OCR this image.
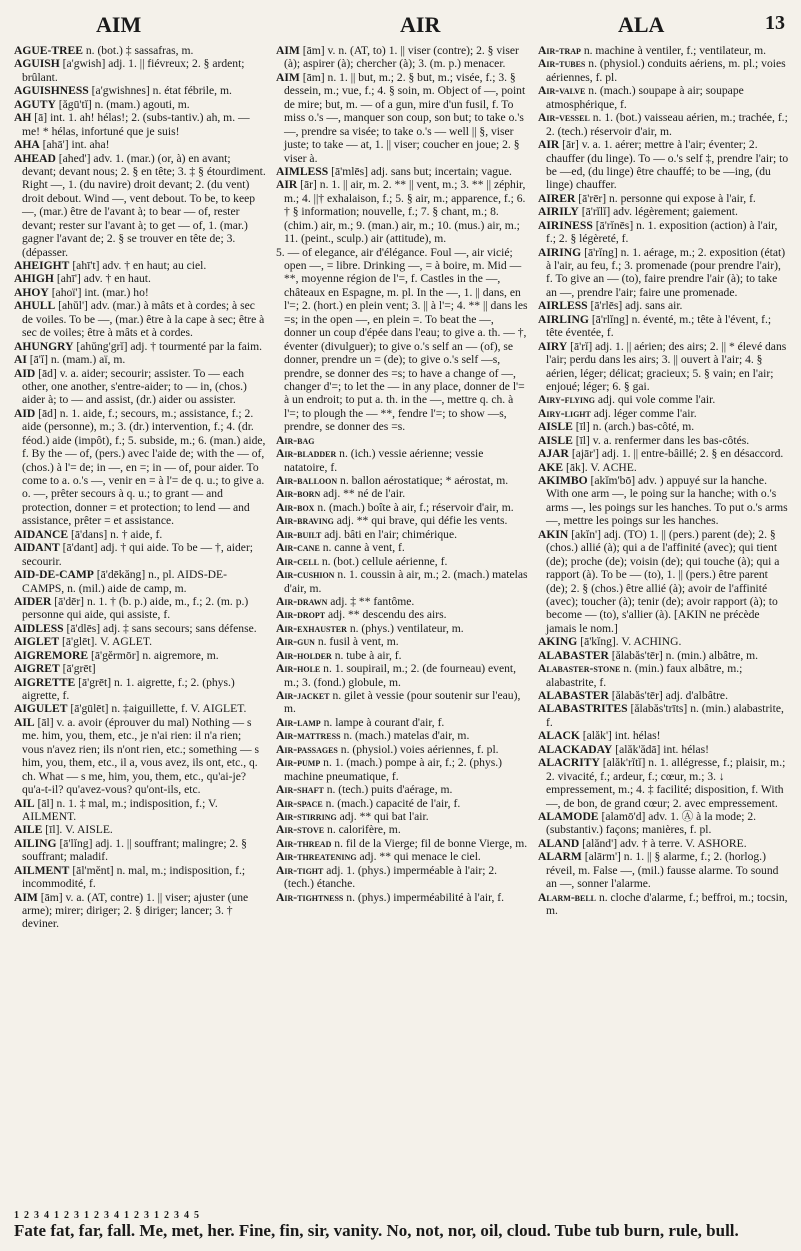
AIM	AIR	ALA	13

AGUE-TREE n. (bot.) ‡ sassafras, m.

AGUISH [a'gwish] adj. 1. || fiévreux; 2. § ardent; brûlant.

AGUISHNESS [a'gwishnes] n. état fébrile, m.

AGUTY [ăgū'tĭ] n. (mam.) agouti, m.

AH [ā] int. 1. ah! hélas!; 2. (subs-tantiv.) ah, m. — me! * hélas, infortuné que je suis!

AHA [ahā'] int. aha!

AHEAD [ahed'] adv. 1. (mar.) (or, à) en avant; devant; devant nous; 2. § en tête; 3. ‡ § étourdiment. Right —, 1. (du navire) droit devant; 2. (du vent) droit debout. Wind —, vent debout. To be, to keep —, (mar.) être de l'avant à; to bear — of, rester devant; rester sur l'avant à; to get — of, 1. (mar.) gagner l'avant de; 2. § se trouver en tête de; 3. (dépasser.

AHEIGHT [ahī't] adv. † en haut; au ciel.

AHIGH [ahī'] adv. † en haut.

AHOY [ahoï'] int. (mar.) ho!

AHULL [ahŭl'] adv. (mar.) à mâts et à cordes; à sec de voiles. To be —, (mar.) être à la cape à sec; être à sec de voiles; être à mâts et à cordes.

AHUNGRY [ahŭng'grĭ] adj. † tourmenté par la faim.

AI [ā'ĭ] n. (mam.) aï, m.

AID [ād] v. a. aider; secourir; assister. To — each other, one another, s'entre-aider; to — in, (chos.) aider à; to — and assist, (dr.) aider ou assister.

AID [ād] n. 1. aide, f.; secours, m.; assistance, f.; 2. aide (personne), m.; 3. (dr.) intervention, f.; 4. (dr. féod.) aide (impôt), f.; 5. subside, m.; 6. (man.) aide, f. By the — of, (pers.) avec l'aide de; with the — of, (chos.) à l'= de; in —, en =; in — of, pour aider. To come to a. o.'s —, venir en = à l'= de q. u.; to give a. o. —, prêter secours à q. u.; to grant — and protection, donner = et protection; to lend — and assistance, prêter = et assistance.

AIDANCE [ā'dans] n. † aide, f.

AIDANT [ā'dant] adj. † qui aide. To be — †, aider; secourir.

AID-DE-CAMP [ā'dēkăng] n., pl. AIDS-DE-CAMPS, n. (mil.) aide de camp, m.

AIDER [ā'dēr] n. 1. † (b. p.) aide, m., f.; 2. (m. p.) personne qui aide, qui assiste, f.

AIDLESS [ā'dlēs] adj. ‡ sans secours; sans défense.

AIGLET [ā'glēt]. V. AGLET.

AIGREMORE [ā'gĕrmōr] n. aigremore, m.

AIGRET [ā'grēt]

AIGRETTE [ā'grēt] n. 1. aigrette, f.; 2. (phys.) aigrette, f.

AIGULET [ā'gūlēt] n. ‡aiguillette, f. V. AIGLET.

AIL [āl] v. a. avoir (éprouver du mal) Nothing — s me. him, you, them, etc., je n'ai rien: il n'a rien; vous n'avez rien; ils n'ont rien, etc.; something — s him, you, them, etc., il a, vous avez, ils ont, etc., q. ch. What — s me, him, you, them, etc., qu'ai-je? qu'a-t-il? qu'avez-vous? qu'ont-ils, etc.

AIL [āl] n. 1. ‡ mal, m.; indisposition, f.; V. AILMENT.

AILE [īl]. V. AISLE.

AILING [ā'lĭng] adj. 1. || souffrant; malingre; 2. § souffrant; maladif.

AILMENT [āl'mĕnt] n. mal, m.; indisposition, f.; incommodité, f.

AIM [ām] v. a. (AT, contre) 1. || viser; ajuster (une arme); mirer; diriger; 2. § diriger; lancer; 3. † deviner.

AIM [ām] v. n. (AT, to) 1. || viser (contre); 2. § viser (à); aspirer (à); chercher (à); 3. (m. p.) menacer.

AIM [ām] n. 1. || but, m.; 2. § but, m.; visée, f.; 3. § dessein, m.; vue, f.; 4. § soin, m. Object of —, point de mire; but, m. — of a gun, mire d'un fusil, f. To miss o.'s —, manquer son coup, son but; to take o.'s —, prendre sa visée; to take o.'s — well || §, viser juste; to take — at, 1. || viser; coucher en joue; 2. § viser à.

AIMLESS [ā'mlēs] adj. sans but; incertain; vague.

AIR [ār] n. 1. || air, m. 2. ** || vent, m.; 3. ** || zéphir, m.; 4. ||† exhalaison, f.; 5. § air, m.; apparence, f.; 6. † § information; nouvelle, f.; 7. § chant, m.; 8. (chim.) air, m.; 9. (man.) air, m.; 10. (mus.) air, m.; 11. (peint., sculp.) air (attitude), m.

5. — of elegance, air d'élégance. Foul —, air vicié; open —, = libre. Drinking —, = à boire, m. Mid — **, moyenne région de l'=, f. Castles in the —, châteaux en Espagne, m. pl. In the —, 1. || dans, en l'=; 2. (hort.) en plein vent; 3. || à l'=; 4. ** || dans les =s; in the open —, en plein =. To beat the —, donner un coup d'épée dans l'eau; to give a. th. — †, éventer (divulguer); to give o.'s self an — (of), se donner, prendre un = (de); to give o.'s self —s, prendre, se donner des =s; to have a change of —, changer d'=; to let the — in any place, donner de l'= à un endroit; to put a. th. in the —, mettre q. ch. à l'=; to plough the — **, fendre l'=; to show —s, prendre, se donner des =s.

Air-bag

Air-bladder n. (ich.) vessie aérienne; vessie natatoire, f.

Air-balloon n. ballon aérostatique; * aérostat, m.

Air-born adj. ** né de l'air.

Air-box n. (mach.) boîte à air, f.; réservoir d'air, m.

Air-braving adj. ** qui brave, qui défie les vents.

Air-built adj. bâti en l'air; chimérique.

Air-cane n. canne à vent, f.

Air-cell n. (bot.) cellule aérienne, f.

Air-cushion n. 1. coussin à air, m.; 2. (mach.) matelas d'air, m.

Air-drawn adj. ‡ ** fantôme.

Air-dropt adj. ** descendu des airs.

Air-exhauster n. (phys.) ventilateur, m.

Air-gun n. fusil à vent, m.

Air-holder n. tube à air, f.

Air-hole n. 1. soupirail, m.; 2. (de fourneau) event, m.; 3. (fond.) globule, m.

Air-jacket n. gilet à vessie (pour soutenir sur l'eau), m.

Air-lamp n. lampe à courant d'air, f.

Air-mattress n. (mach.) matelas d'air, m.

Air-passages n. (physiol.) voies aériennes, f. pl.

Air-pump n. 1. (mach.) pompe à air, f.; 2. (phys.) machine pneumatique, f.

Air-shaft n. (tech.) puits d'aérage, m.

Air-space n. (mach.) capacité de l'air, f.

Air-stirring adj. ** qui bat l'air.

Air-stove n. calorifère, m.

Air-thread n. fil de la Vierge; fil de bonne Vierge, m.

Air-threatening adj. ** qui menace le ciel.

Air-tight adj. 1. (phys.) imperméable à l'air; 2. (tech.) étanche.

Air-tightness n. (phys.) imperméabilité à l'air, f.

Air-trap n. machine à ventiler, f.; ventilateur, m.

Air-tubes n. (physiol.) conduits aériens, m. pl.; voies aériennes, f. pl.

Air-valve n. (mach.) soupape à air; soupape atmosphérique, f.

Air-vessel n. 1. (bot.) vaisseau aérien, m.; trachée, f.; 2. (tech.) réservoir d'air, m.

AIR [ār] v. a. 1. aérer; mettre à l'air; éventer; 2. chauffer (du linge). To — o.'s self ‡, prendre l'air; to be —ed, (du linge) être chauffé; to be —ing, (du linge) chauffer.

AIRER [ā'rēr] n. personne qui expose à l'air, f.

AIRILY [ā'rĭlĭ] adv. légèrement; gaiement.

AIRINESS [ā'rĭnēs] n. 1. exposition (action) à l'air, f.; 2. § légèreté, f.

AIRING [ā'rĭng] n. 1. aérage, m.; 2. exposition (état) à l'air, au feu, f.; 3. promenade (pour prendre l'air), f. To give an — (to), faire prendre l'air (à); to take an —, prendre l'air; faire une promenade.

AIRLESS [ā'rlēs] adj. sans air.

AIRLING [ā'rlĭng] n. éventé, m.; tête à l'évent, f.; tête éventée, f.

AIRY [ā'rĭ] adj. 1. || aérien; des airs; 2. || * élevé dans l'air; perdu dans les airs; 3. || ouvert à l'air; 4. § aérien, léger; délicat; gracieux; 5. § vain; en l'air; enjoué; léger; 6. § gai.

Airy-flying adj. qui vole comme l'air.

Airy-light adj. léger comme l'air.

AISLE [īl] n. (arch.) bas-côté, m.

AISLE [īl] v. a. renfermer dans les bas-côtés.

AJAR [ajār'] adj. 1. || entre-bâillé; 2. § en désaccord.

AKE [āk]. V. ACHE.

AKIMBO [akĭm'bō] adv. ) appuyé sur la hanche. With one arm —, le poing sur la hanche; with o.'s arms —, les poings sur les hanches. To put o.'s arms —, mettre les poings sur les hanches.

AKIN [akĭn'] adj. (TO) 1. || (pers.) parent (de); 2. § (chos.) allié (à); qui a de l'affinité (avec); qui tient (de); proche (de); voisin (de); qui touche (à); qui a rapport (à). To be — (to), 1. || (pers.) être parent (de); 2. § (chos.) être allié (à); avoir de l'affinité (avec); toucher (à); tenir (de); avoir rapport (à); to become — (to), s'allier (à). [AKIN ne précède jamais le nom.]

AKING [ā'kĭng]. V. ACHING.

ALABASTER [ălabăs'tēr] n. (min.) albâtre, m.

Alabaster-stone n. (min.) faux albâtre, m.; alabastrite, f.

ALABASTER [ălabăs'tēr] adj. d'albâtre.

ALABASTRITES [ălabăs'trīts] n. (min.) alabastrite, f.

ALACK [alăk'] int. hélas!

ALACKADAY [alăk'ădā] int. hélas!

ALACRITY [alăk'rĭtĭ] n. 1. allégresse, f.; plaisir, m.; 2. vivacité, f.; ardeur, f.; cœur, m.; 3. ↓ empressement, m.; 4. ‡ facilité; disposition, f. With —, de bon, de grand cœur; 2. avec empressement.

ALAMODE [alamō'd] adv. 1. Ⓐ à la mode; 2. (substantiv.) façons; manières, f. pl.

ALAND [alănd'] adv. † à terre. V. ASHORE.

ALARM [alārm'] n. 1. || § alarme, f.; 2. (horlog.) réveil, m. False —, (mil.) fausse alarme. To sound an —, sonner l'alarme.

Alarm-bell n. cloche d'alarme, f.; beffroi, m.; tocsin, m.

1  2  3  4  1  2  3  1  2  3  4  1  2  3  1  2  3  4  5
Fate fat, far, fall. Me, met, her. Fine, fin, sir, vanity. No, not, nor, oil, cloud. Tube tub burn, rule, bull.
